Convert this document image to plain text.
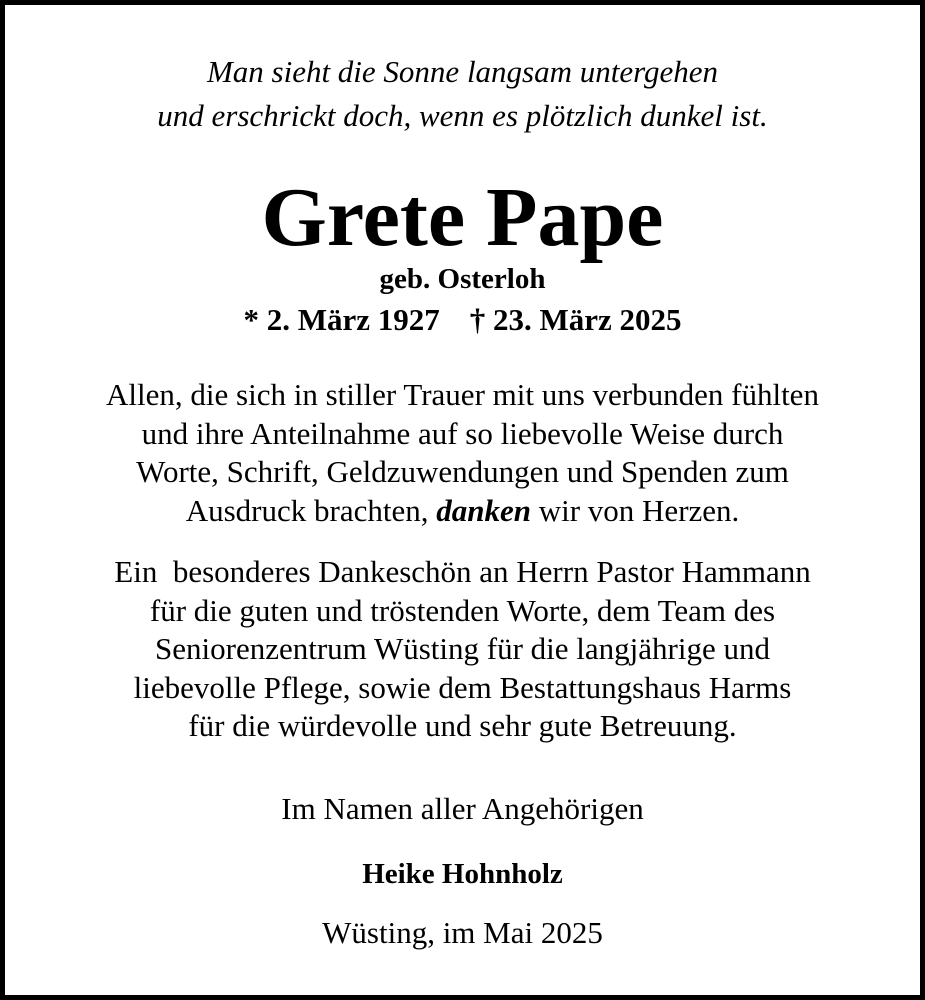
Man sieht die Sonne langsam untergehen
und erschrickt doch, wenn es plötzlich dunkel ist.
Grete Pape
geb. Osterloh
* 2. März 1927 † 23. März 2025
Allen, die sich in stiller Trauer mit uns verbunden fühlten
und ihre Anteilnahme auf so liebevolle Weise durch
Worte, Schrift, Geldzuwendungen und Spenden zum
Ausdruck brachten, danken wir von Herzen.
Ein  besonderes Dankeschön an Herrn Pastor Hammann
für die guten und tröstenden Worte, dem Team des
Seniorenzentrum Wüsting für die langjährige und
liebevolle Pflege, sowie dem Bestattungshaus Harms
für die würdevolle und sehr gute Betreuung.
Im Namen aller Angehörigen
Heike Hohnholz
Wüsting, im Mai 2025
